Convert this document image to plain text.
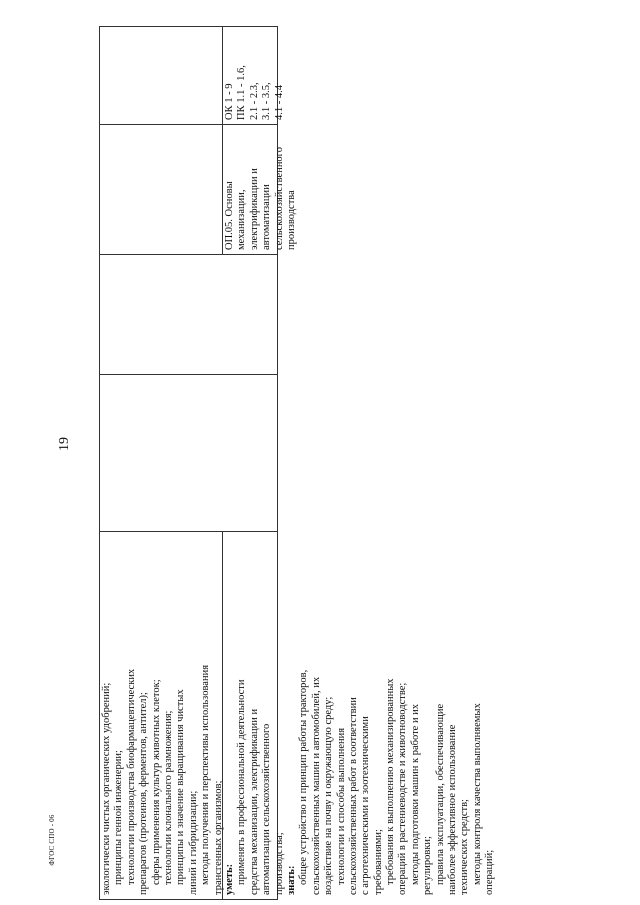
19
ФГОС СПО - 06	экологически чистых органических удобрений; принципы генной инженерии; технологии производства биофармацевтических препаратов (протеинов, ферментов, антител); сферы применения культур животных клеток; технологии клонального размножения; принципы и значение выращивания чистых линий и гибридизации; методы получения и перспективы использования трансгенных организмов; уметь: применять в профессиональной деятельности средства механизации, электрификации и автоматизации сельскохозяйственного производства; знать: общее устройство и принцип работы тракторов, сельскохозяйственных машин и автомобилей, их воздействие на почву и окружающую среду; технологии и способы выполнения сельскохозяйственных работ в соответствии с агротехническими и зоотехническими требованиями; требования к выполнению механизированных операций в растениеводстве и животноводстве; методы подготовки машин к работе и их регулировки; правила эксплуатации, обеспечивающие наиболее эффективное использование технических средств; методы контроля качества выполняемых операций;
ОП.05. Основы механизации, электрификации и автоматизации сельскохозяйственного производства
ОК 1 - 9 ПК 1.1 - 1.6, 2.1 - 2.3, 3.1 - 3.5, 4.1 - 4.4
